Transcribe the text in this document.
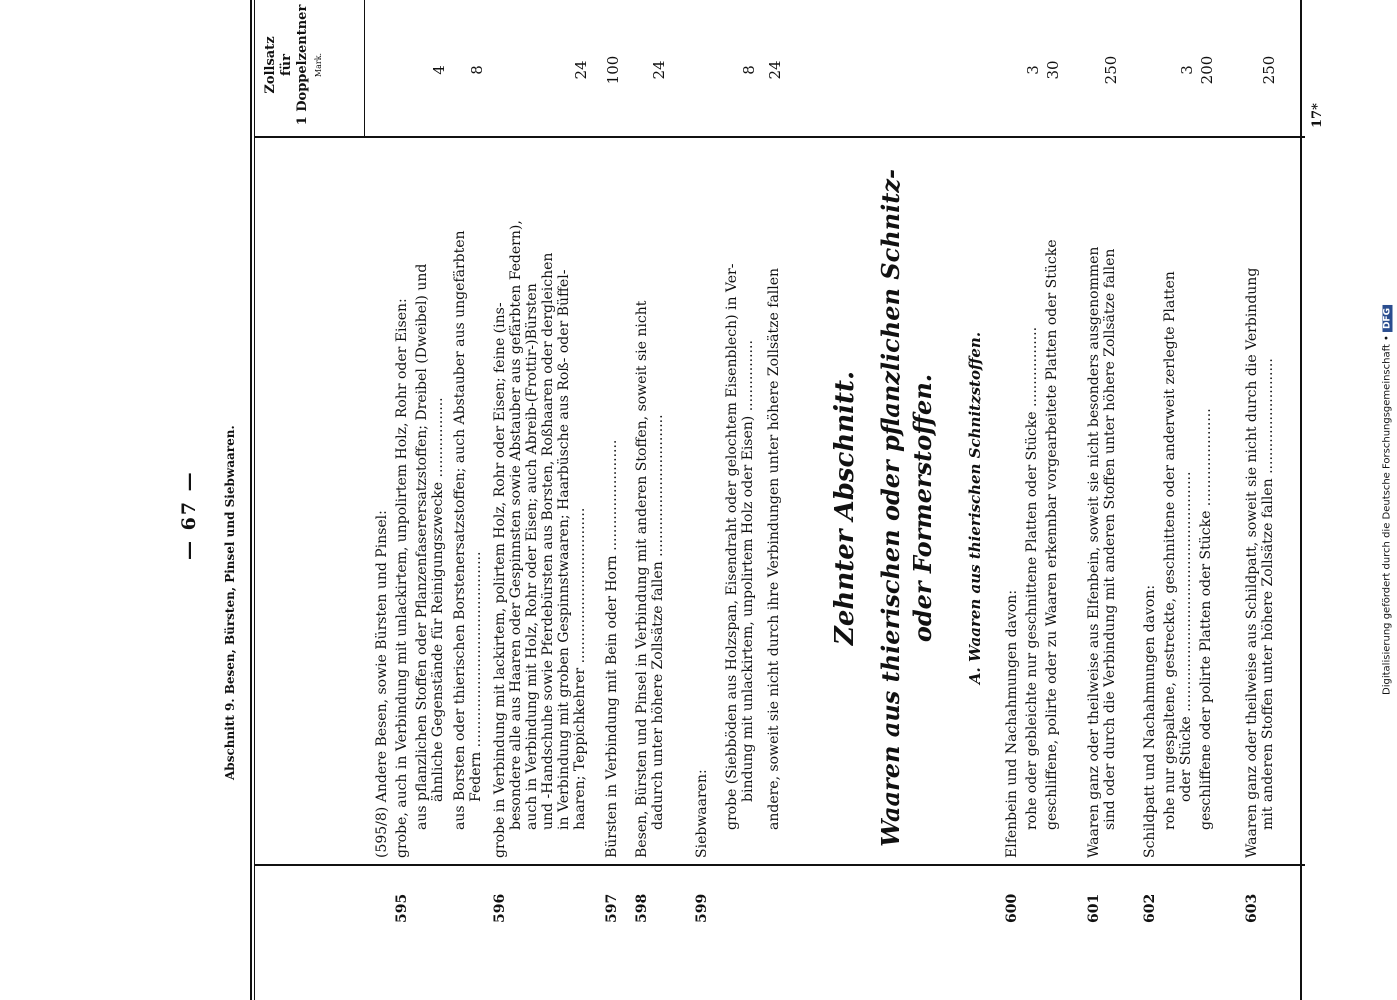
— 67 — Abschnitt 9. Besen, Bürsten, Pinsel und Siebwaaren.
Zollsatz für 1 Doppelzentner Mark.
595
(595/8) Andere Besen, sowie Bürsten und Pinsel: grobe, auch in Verbindung mit unlackirtem, unpolirtem Holz, Rohr oder Eisen: aus pflanzlichen Stoffen oder Pflanzenfaserersatzstoffen; Dreibel (Dweibel) und ähnliche Gegenstände für Reinigungszwecke .................. aus Borsten oder thierischen Borstenersatzstoffen; auch Abstauber aus ungefärbten Federn ............................................
4 8
596
grobe in Verbindung mit lackirtem, polirtem Holz, Rohr oder Eisen; feine (ins- besondere alle aus Haaren oder Gespinnsten sowie Abstauber aus gefärbten Federn), auch in Verbindung mit Holz, Rohr oder Eisen; auch Abreib-(Frottir-)Bürsten und -Handschuhe sowie Pferdebürsten aus Borsten, Roßhaaren oder dergleichen in Verbindung mit groben Gespinnstwaaren; Haarbüsche aus Roß- oder Büffel- haaren; Teppichkehrer ...................................
24
597
Bürsten in Verbindung mit Bein oder Horn .........................
100
598
Besen, Bürsten und Pinsel in Verbindung mit anderen Stoffen, soweit sie nicht dadurch unter höhere Zollsätze fallen ................................
24
599
Siebwaaren: grobe (Siebböden aus Holzspan, Eisendraht oder gelochtem Eisenblech) in Ver- bindung mit unlackirtem, unpolirtem Holz oder Eisen) ................ andere, soweit sie nicht durch ihre Verbindungen unter höhere Zollsätze fallen
8 24
Zehnter Abschnitt. Waaren aus thierischen oder pflanzlichen Schnitz- oder Formerstoffen. A. Waaren aus thierischen Schnitzstoffen.
600
Elfenbein und Nachahmungen davon: rohe oder gebleichte nur geschnittene Platten oder Stücke .................. geschliffene, polirte oder zu Waaren erkennbar vorgearbeitete Platten oder Stücke
3 30
601
Waaren ganz oder theilweise aus Elfenbein, soweit sie nicht besonders ausgenommen sind oder durch die Verbindung mit anderen Stoffen unter höhere Zollsätze fallen
250
602
Schildpatt und Nachahmungen davon: rohe nur gespaltene, gestreckte, geschnittene oder anderweit zerlegte Platten oder Stücke ...................................................... geschliffene oder polirte Platten oder Stücke ......................
3 200
603
Waaren ganz oder theilweise aus Schildpatt, soweit sie nicht durch die Verbindung mit anderen Stoffen unter höhere Zollsätze fallen ..........................
250
17*
Digitalisierung gefördert durch die Deutsche Forschungsgemeinschaft •DFG
